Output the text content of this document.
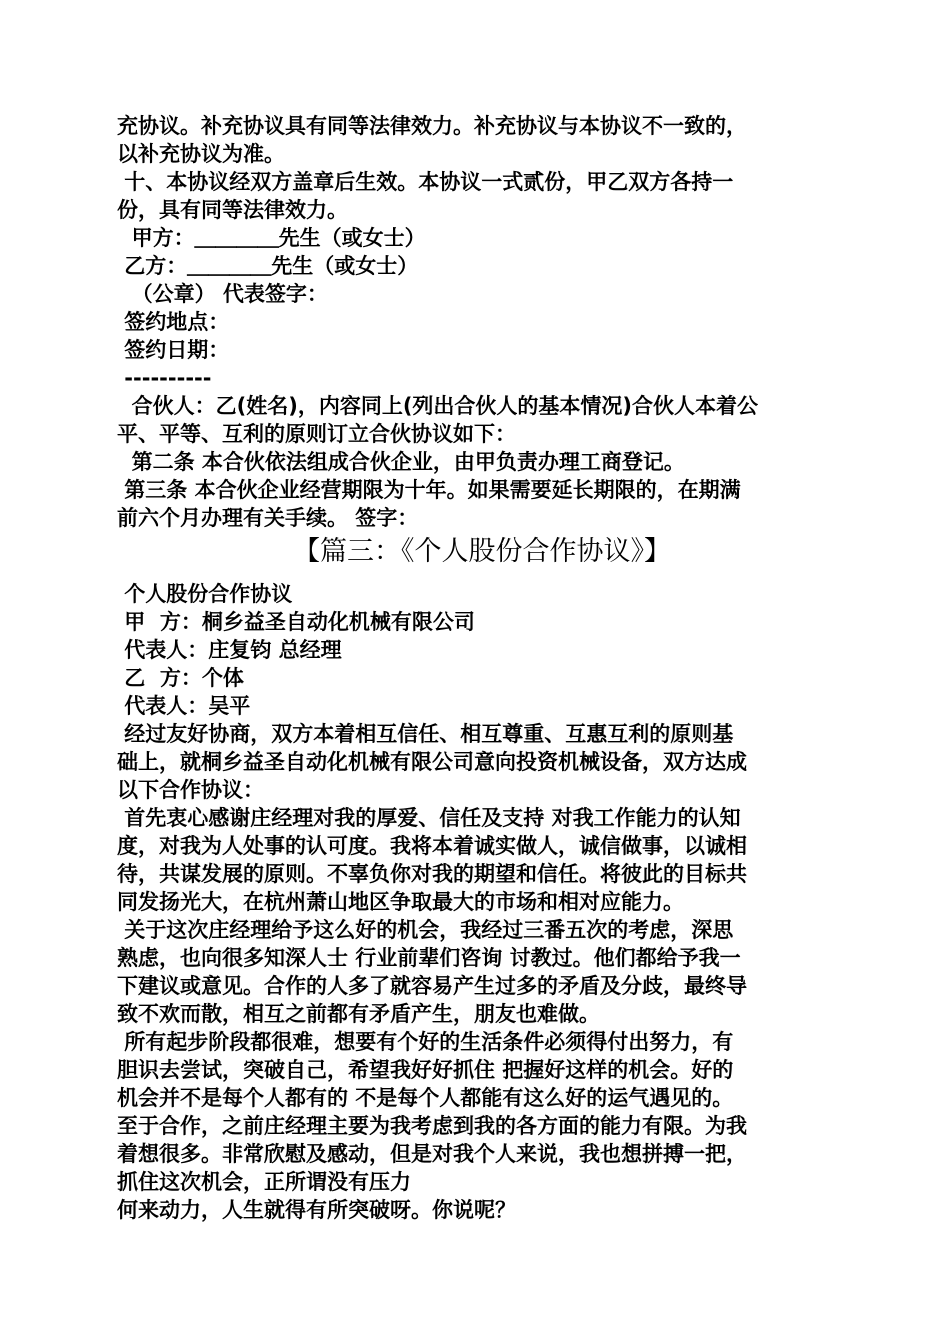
充协议。补充协议具有同等法律效力。补充协议与本协议不一致的，
以补充协议为准。
十、本协议经双方盖章后生效。本协议一式贰份，甲乙双方各持一
份，具有同等法律效力。
甲方：＿＿＿＿先生（或女士）
乙方：＿＿＿＿先生（或女士）
（公章） 代表签字：
签约地点：
签约日期：
----------
合伙人：乙(姓名)，内容同上(列出合伙人的基本情况)合伙人本着公
平、平等、互利的原则订立合伙协议如下：
第二条 本合伙依法组成合伙企业，由甲负责办理工商登记。
第三条 本合伙企业经营期限为十年。如果需要延长期限的，在期满
前六个月办理有关手续。 签字：
【篇三：《个人股份合作协议》】
个人股份合作协议
甲  方：桐乡益圣自动化机械有限公司
代表人：庄复钧 总经理
乙  方：个体
代表人：吴平
经过友好协商，双方本着相互信任、相互尊重、互惠互利的原则基
础上，就桐乡益圣自动化机械有限公司意向投资机械设备，双方达成
以下合作协议：
首先衷心感谢庄经理对我的厚爱、信任及支持 对我工作能力的认知
度，对我为人处事的认可度。我将本着诚实做人，诚信做事，以诚相
待，共谋发展的原则。不辜负你对我的期望和信任。将彼此的目标共
同发扬光大，在杭州萧山地区争取最大的市场和相对应能力。
关于这次庄经理给予这么好的机会，我经过三番五次的考虑，深思
熟虑，也向很多知深人士 行业前辈们咨询 讨教过。他们都给予我一
下建议或意见。合作的人多了就容易产生过多的矛盾及分歧，最终导
致不欢而散，相互之前都有矛盾产生，朋友也难做。
所有起步阶段都很难，想要有个好的生活条件必须得付出努力，有
胆识去尝试，突破自己，希望我好好抓住 把握好这样的机会。好的
机会并不是每个人都有的 不是每个人都能有这么好的运气遇见的。
至于合作，之前庄经理主要为我考虑到我的各方面的能力有限。为我
着想很多。非常欣慰及感动，但是对我个人来说，我也想拼搏一把，
抓住这次机会，正所谓没有压力
何来动力，人生就得有所突破呀。你说呢？
